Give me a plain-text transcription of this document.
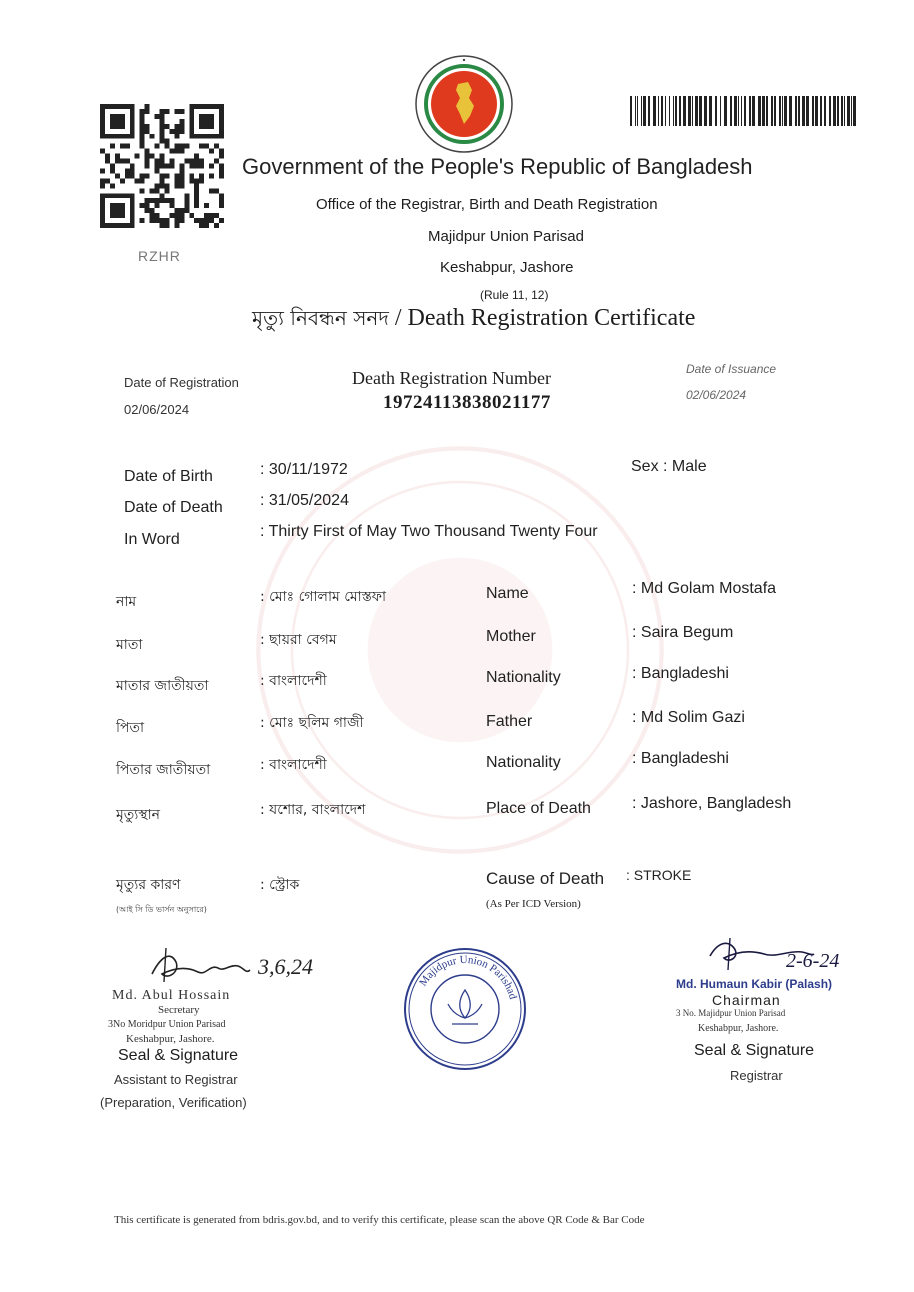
RZHR
Government of the People's Republic of Bangladesh
Office of the Registrar, Birth and Death Registration
Majidpur Union Parisad
Keshabpur, Jashore
(Rule 11, 12)
মৃত্যু নিবন্ধন সনদ / Death Registration Certificate
Date of Registration
02/06/2024
Death Registration Number
19724113838021177
Date of Issuance
02/06/2024
Date of Birth	: 30/11/1972	Sex : Male
Date of Death : 31/05/2024
In Word	: Thirty First of May Two Thousand Twenty Four
নাম	: মোঃ গোলাম মোস্তফা	Name	: Md Golam Mostafa
মাতা	: ছায়রা বেগম	Mother	: Saira Begum
মাতার জাতীয়তা	: বাংলাদেশী	Nationality	: Bangladeshi
পিতা	: মোঃ ছলিম গাজী	Father	: Md Solim Gazi
পিতার জাতীয়তা	: বাংলাদেশী	Nationality	: Bangladeshi
মৃত্যুস্থান	: যশোর, বাংলাদেশ	Place of Death	: Jashore, Bangladesh
মৃত্যুর কারণ
(আই সি ডি ভার্সন অনুসারে)
: স্ট্রোক	Cause of Death : STROKE
(As Per ICD Version)
3,6,24
Md. Abul Hossain
Secretary
3No Moridpur Union Parisad
Keshabpur, Jashore.
Seal & Signature
Assistant to Registrar
(Preparation, Verification)
Majidpur Union Parishad
2-6-24
Md. Humaun Kabir (Palash)
Chairman
3 No. Majidpur Union Parisad
Keshabpur, Jashore.
Seal & Signature
Registrar
This certificate is generated from bdris.gov.bd, and to verify this certificate, please scan the above QR Code & Bar Code
